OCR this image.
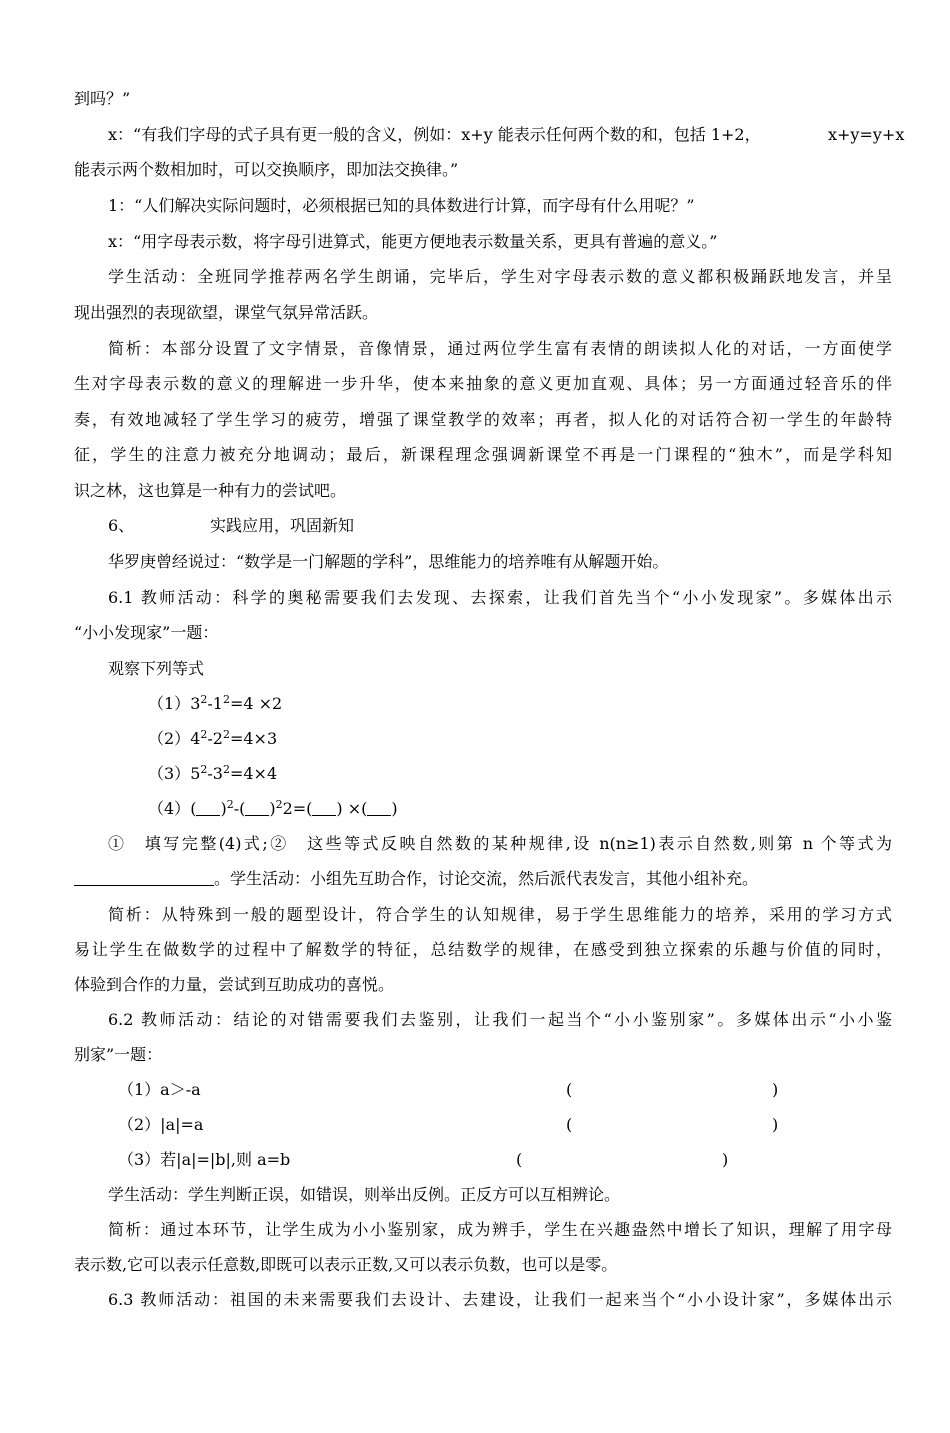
到吗？”
x：“有我们字母的式子具有更一般的含义，例如：x+y 能表示任何两个数的和，包括 1+2，	x+y=y+x
能表示两个数相加时，可以交换顺序，即加法交换律。”
1：“人们解决实际问题时，必须根据已知的具体数进行计算，而字母有什么用呢？”
x：“用字母表示数，将字母引进算式，能更方便地表示数量关系，更具有普遍的意义。”
学生活动：全班同学推荐两名学生朗诵，完毕后，学生对字母表示数的意义都积极踊跃地发言，并呈
现出强烈的表现欲望，课堂气氛异常活跃。
简析：本部分设置了文字情景，音像情景，通过两位学生富有表情的朗读拟人化的对话，一方面使学
生对字母表示数的意义的理解进一步升华，使本来抽象的意义更加直观、具体；另一方面通过轻音乐的伴
奏，有效地减轻了学生学习的疲劳，增强了课堂教学的效率；再者，拟人化的对话符合初一学生的年龄特
征，学生的注意力被充分地调动；最后，新课程理念强调新课堂不再是一门课程的“独木”，而是学科知
识之林，这也算是一种有力的尝试吧。
6、	实践应用，巩固新知
华罗庚曾经说过：“数学是一门解题的学科”，思维能力的培养唯有从解题开始。
6.1 教师活动：科学的奥秘需要我们去发现、去探索，让我们首先当个“小小发现家”。多媒体出示
“小小发现家”一题：
观察下列等式
$(1)3^2-1^2=4 \times 2$
$(2)4^2-2^2=4\times 3$
$(3)5^2-3^2=4\times 4$
（4）( )$^2$-( )$^2$2=( ) ×( )
①　填写完整(4)式;②　这些等式反映自然数的某种规律,设 n(n≥1)表示自然数,则第 n 个等式为
。学生活动：小组先互助合作，讨论交流，然后派代表发言，其他小组补充。
简析：从特殊到一般的题型设计，符合学生的认知规律，易于学生思维能力的培养，采用的学习方式
易让学生在做数学的过程中了解数学的特征，总结数学的规律，在感受到独立探索的乐趣与价值的同时，
体验到合作的力量，尝试到互助成功的喜悦。
6.2 教师活动：结论的对错需要我们去鉴别，让我们一起当个“小小鉴别家”。多媒体出示“小小鉴
别家”一题：
（1）a＞-a	(	)
（2）|a|=a	(	)
（3）若|a|=|b|,则 a=b	(	)
学生活动：学生判断正误，如错误，则举出反例。正反方可以互相辨论。
简析：通过本环节，让学生成为小小鉴别家，成为辨手，学生在兴趣盎然中增长了知识，理解了用字母
表示数,它可以表示任意数,即既可以表示正数,又可以表示负数，也可以是零。
6.3 教师活动：祖国的未来需要我们去设计、去建设，让我们一起来当个“小小设计家”，多媒体出示
